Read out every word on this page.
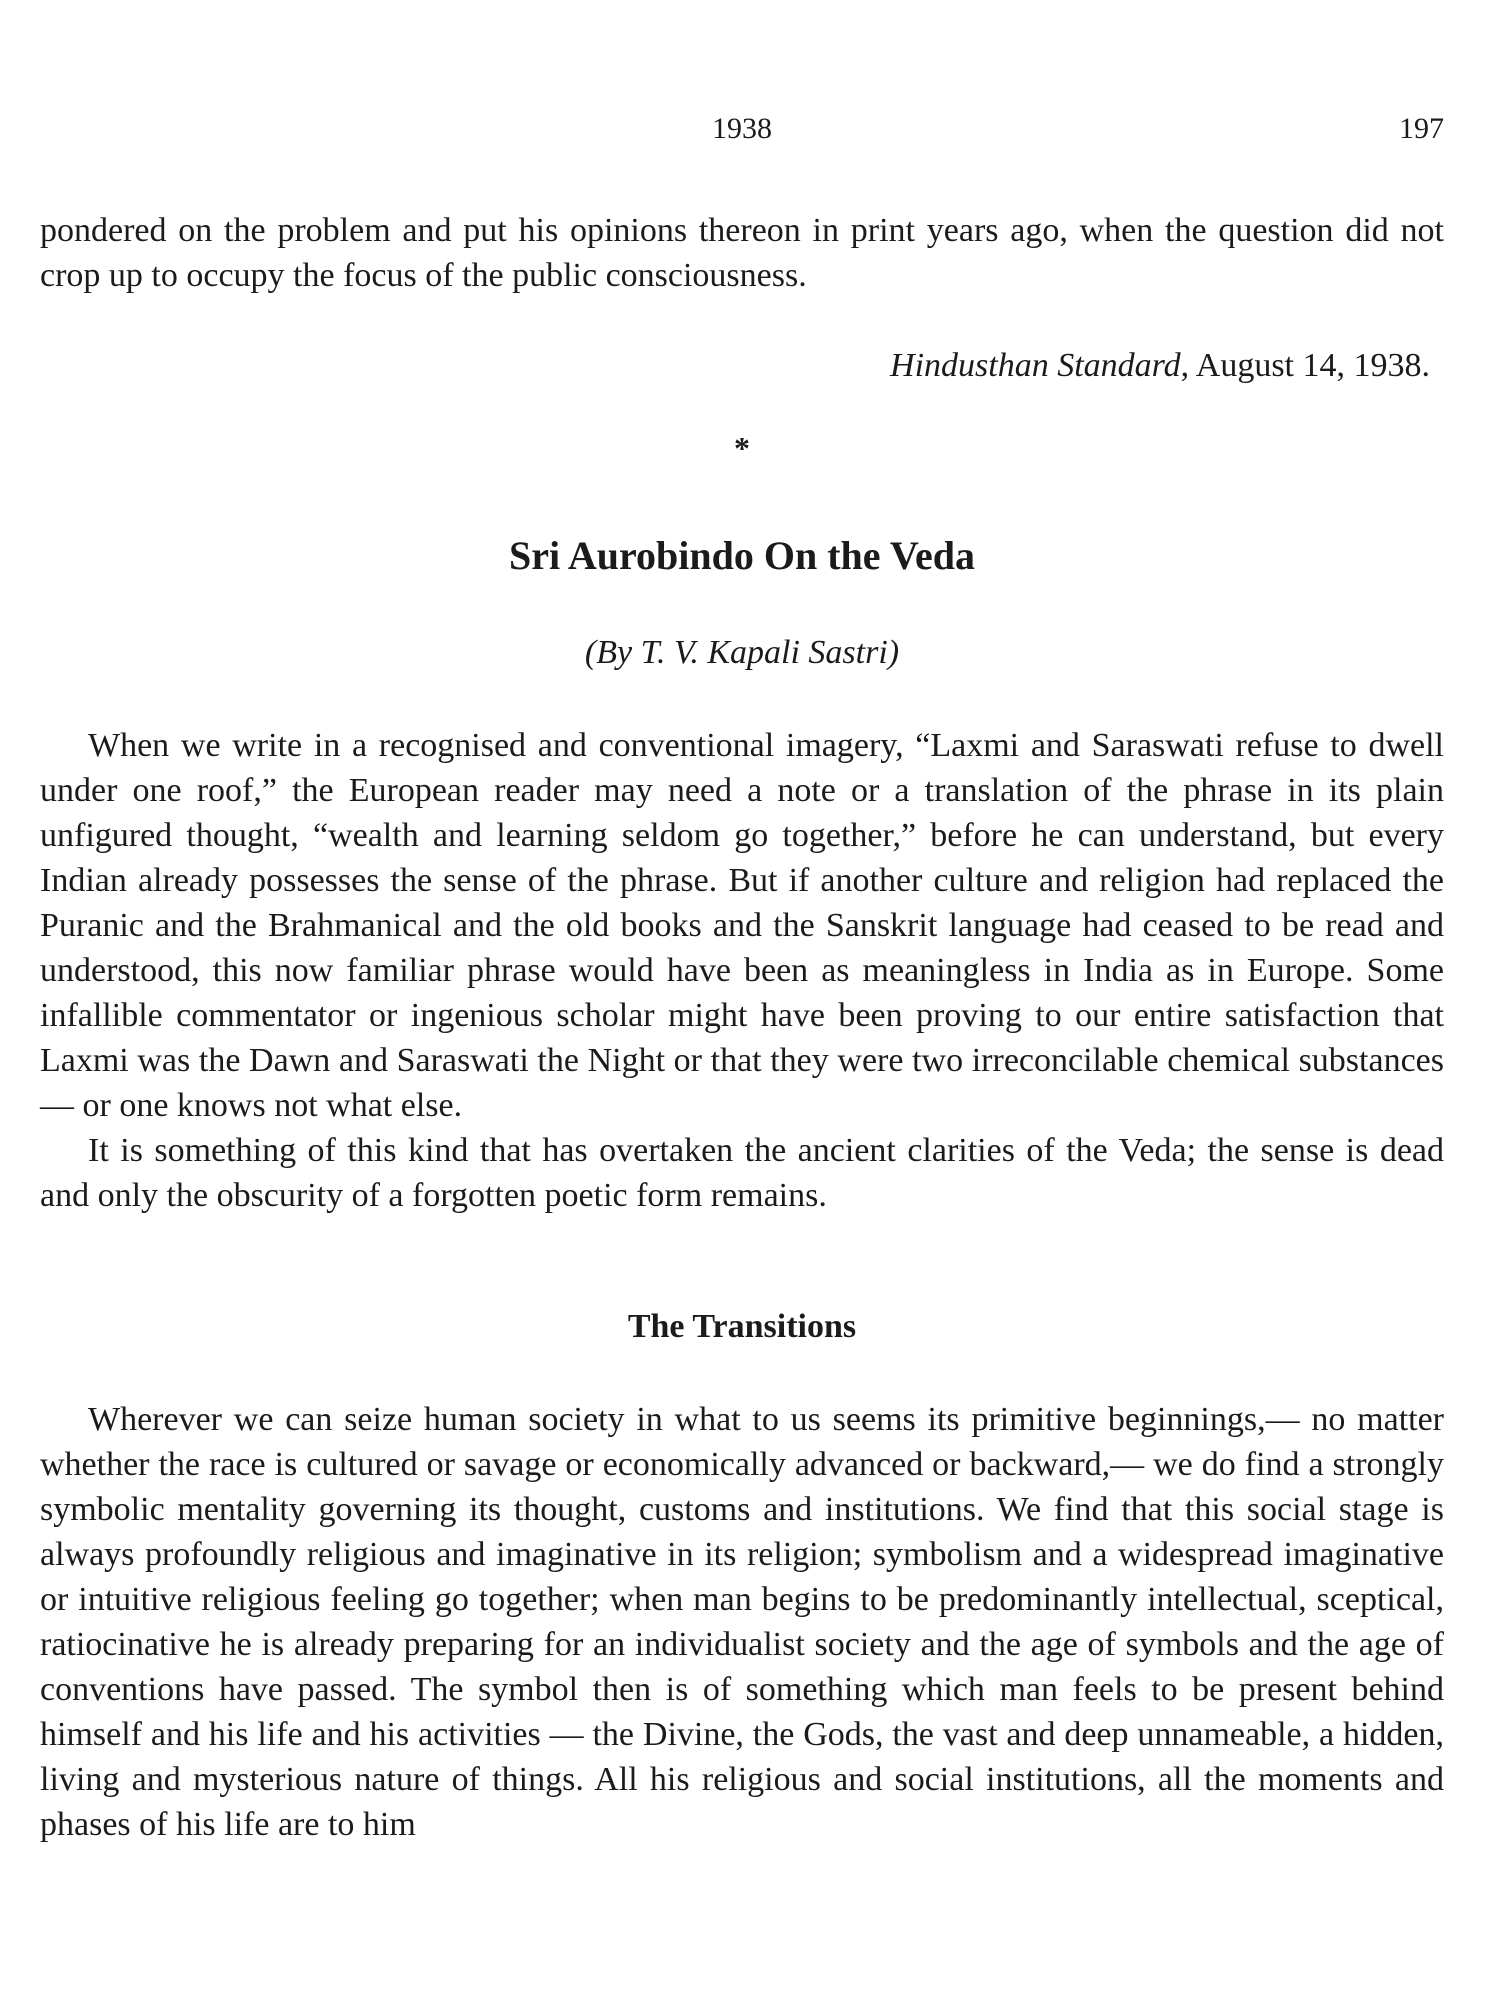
1938	197

pondered on the problem and put his opinions thereon in print years ago, when the question did not crop up to occupy the focus of the public consciousness.

Hindusthan Standard, August 14, 1938.
*
Sri Aurobindo On the Veda
(By T. V. Kapali Sastri)

When we write in a recognised and conventional imagery, “Laxmi and Saraswati refuse to dwell under one roof,” the European reader may need a note or a translation of the phrase in its plain unfigured thought, “wealth and learning seldom go together,” before he can understand, but every Indian already possesses the sense of the phrase. But if another culture and religion had replaced the Puranic and the Brahmanical and the old books and the Sanskrit language had ceased to be read and understood, this now familiar phrase would have been as meaningless in India as in Europe. Some infallible commentator or ingenious scholar might have been proving to our entire satisfaction that Laxmi was the Dawn and Saraswati the Night or that they were two irreconcilable chemical substances — or one knows not what else.

It is something of this kind that has overtaken the ancient clarities of the Veda; the sense is dead and only the obscurity of a forgotten poetic form remains.

The Transitions

Wherever we can seize human society in what to us seems its primitive beginnings,— no matter whether the race is cultured or savage or economically advanced or backward,— we do find a strongly symbolic mentality governing its thought, customs and institutions. We find that this social stage is always profoundly religious and imaginative in its religion; symbolism and a widespread imaginative or intuitive religious feeling go together; when man begins to be predominantly intellectual, sceptical, ratiocinative he is already preparing for an individualist society and the age of symbols and the age of conventions have passed. The symbol then is of something which man feels to be present behind himself and his life and his activities — the Divine, the Gods, the vast and deep unnameable, a hidden, living and mysterious nature of things. All his religious and social institutions, all the moments and phases of his life are to him
